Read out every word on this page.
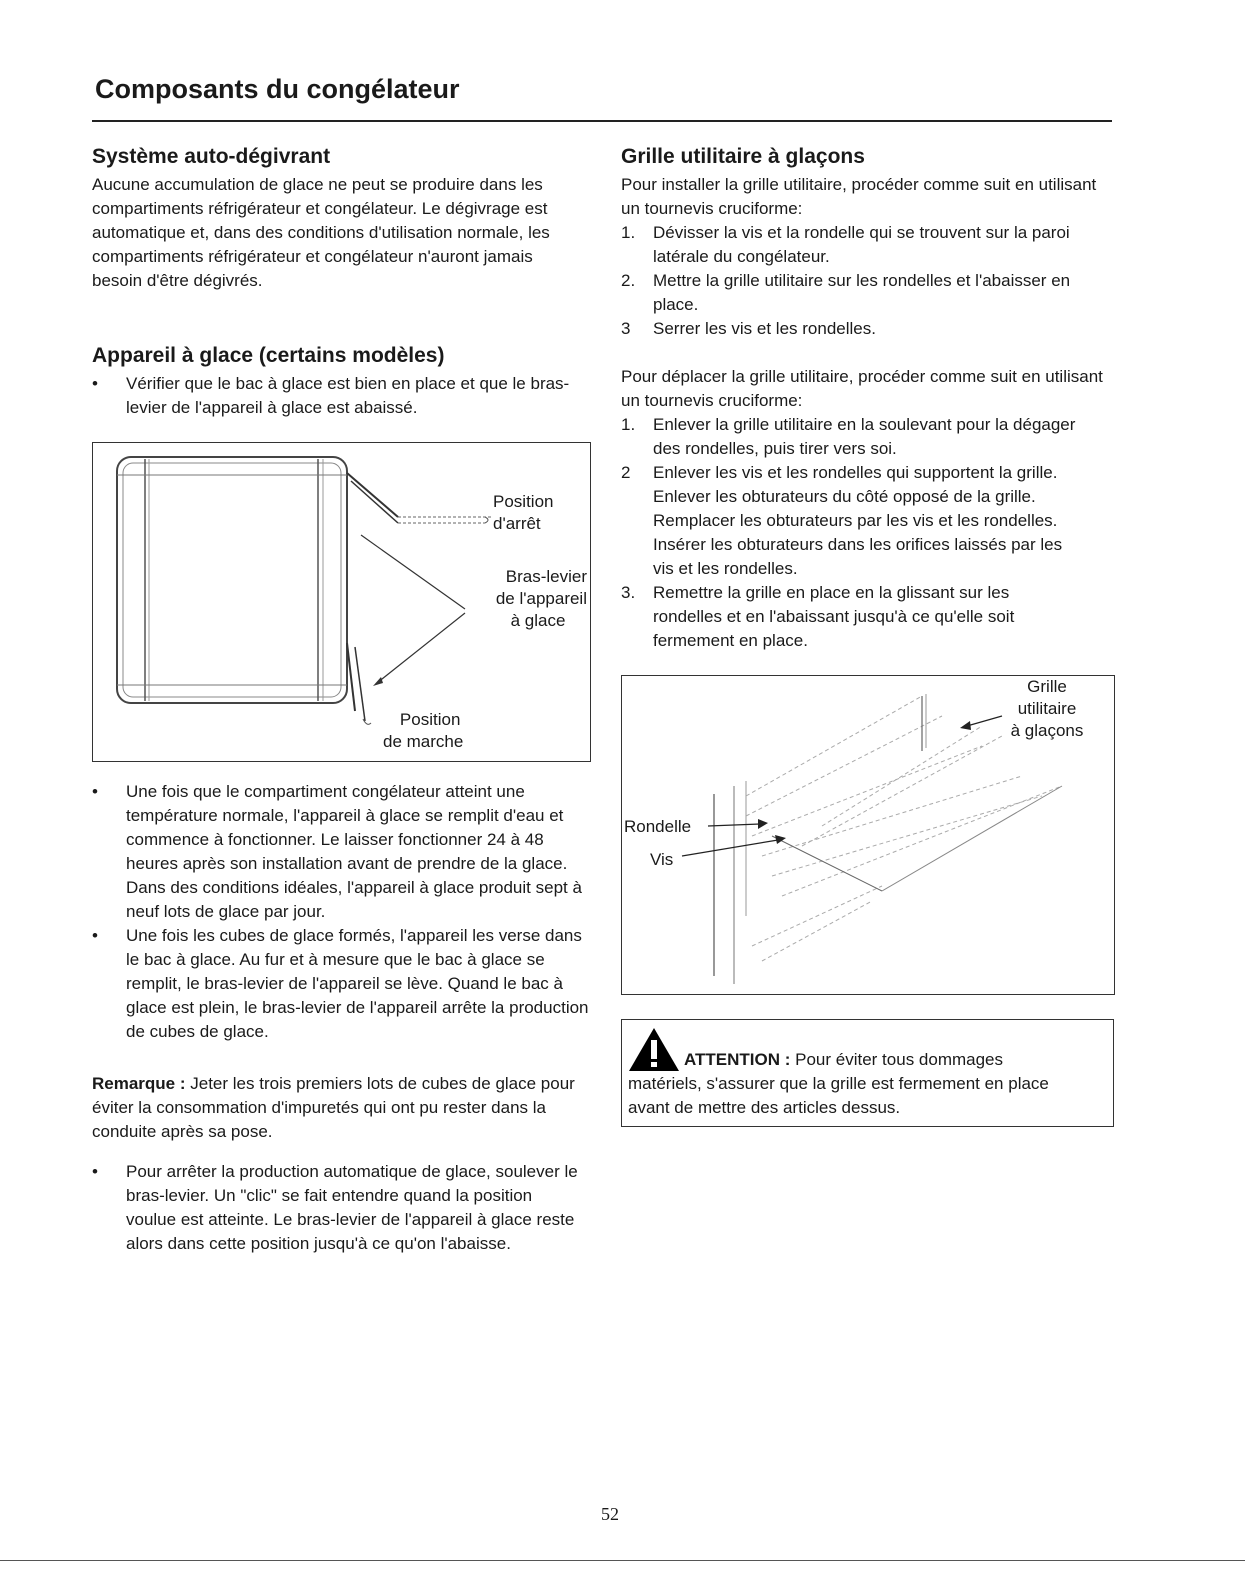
Composants du congélateur
Système auto-dégivrant

Aucune accumulation de glace ne peut se produire dans les compartiments réfrigérateur et congélateur. Le dégivrage est automatique et, dans des conditions d'utilisation normale, les compartiments réfrigérateur et congélateur n'auront jamais besoin d'être dégivrés.

Appareil à glace (certains modèles)
• Vérifier que le bac à glace est bien en place et que le bras-levier de l'appareil à glace est abaissé.
Position
d'arrêt
Bras-levier
de l'appareil
à glace
Position
de marche
• Une fois que le compartiment congélateur atteint une température normale, l'appareil à glace se remplit d'eau et commence à fonctionner. Le laisser fonctionner 24 à 48 heures après son installation avant de prendre de la glace. Dans des conditions idéales, l'appareil à glace produit sept à neuf lots de glace par jour.
• Une fois les cubes de glace formés, l'appareil les verse dans le bac à glace. Au fur et à mesure que le bac à glace se remplit, le bras-levier de l'appareil se lève. Quand le bac à glace est plein, le bras-levier de l'appareil arrête la production de cubes de glace.

Remarque : Jeter les trois premiers lots de cubes de glace pour éviter la consommation d'impuretés qui ont pu rester dans la conduite après sa pose.

• Pour arrêter la production automatique de glace, soulever le bras-levier. Un "clic" se fait entendre quand la position voulue est atteinte. Le bras-levier de l'appareil à glace reste alors dans cette position jusqu'à ce qu'on l'abaisse.
Grille utilitaire à glaçons

Pour installer la grille utilitaire, procéder comme suit en utilisant un tournevis cruciforme:

1. Dévisser la vis et la rondelle qui se trouvent sur la paroi latérale du congélateur.
2. Mettre la grille utilitaire sur les rondelles et l'abaisser en place.
3 Serrer les vis et les rondelles.

Pour déplacer la grille utilitaire, procéder comme suit en utilisant un tournevis cruciforme:

1. Enlever la grille utilitaire en la soulevant pour la dégager des rondelles, puis tirer vers soi.
2 Enlever les vis et les rondelles qui supportent la grille. Enlever les obturateurs du côté opposé de la grille. Remplacer les obturateurs par les vis et les rondelles. Insérer les obturateurs dans les orifices laissés par les vis et les rondelles.
3. Remettre la grille en place en la glissant sur les rondelles et en l'abaissant jusqu'à ce qu'elle soit fermement en place.
Grille
utilitaire
à glaçons
Rondelle
Vis

ATTENTION : Pour éviter tous dommages

matériels, s'assurer que la grille est fermement en place avant de mettre des articles dessus.

52
